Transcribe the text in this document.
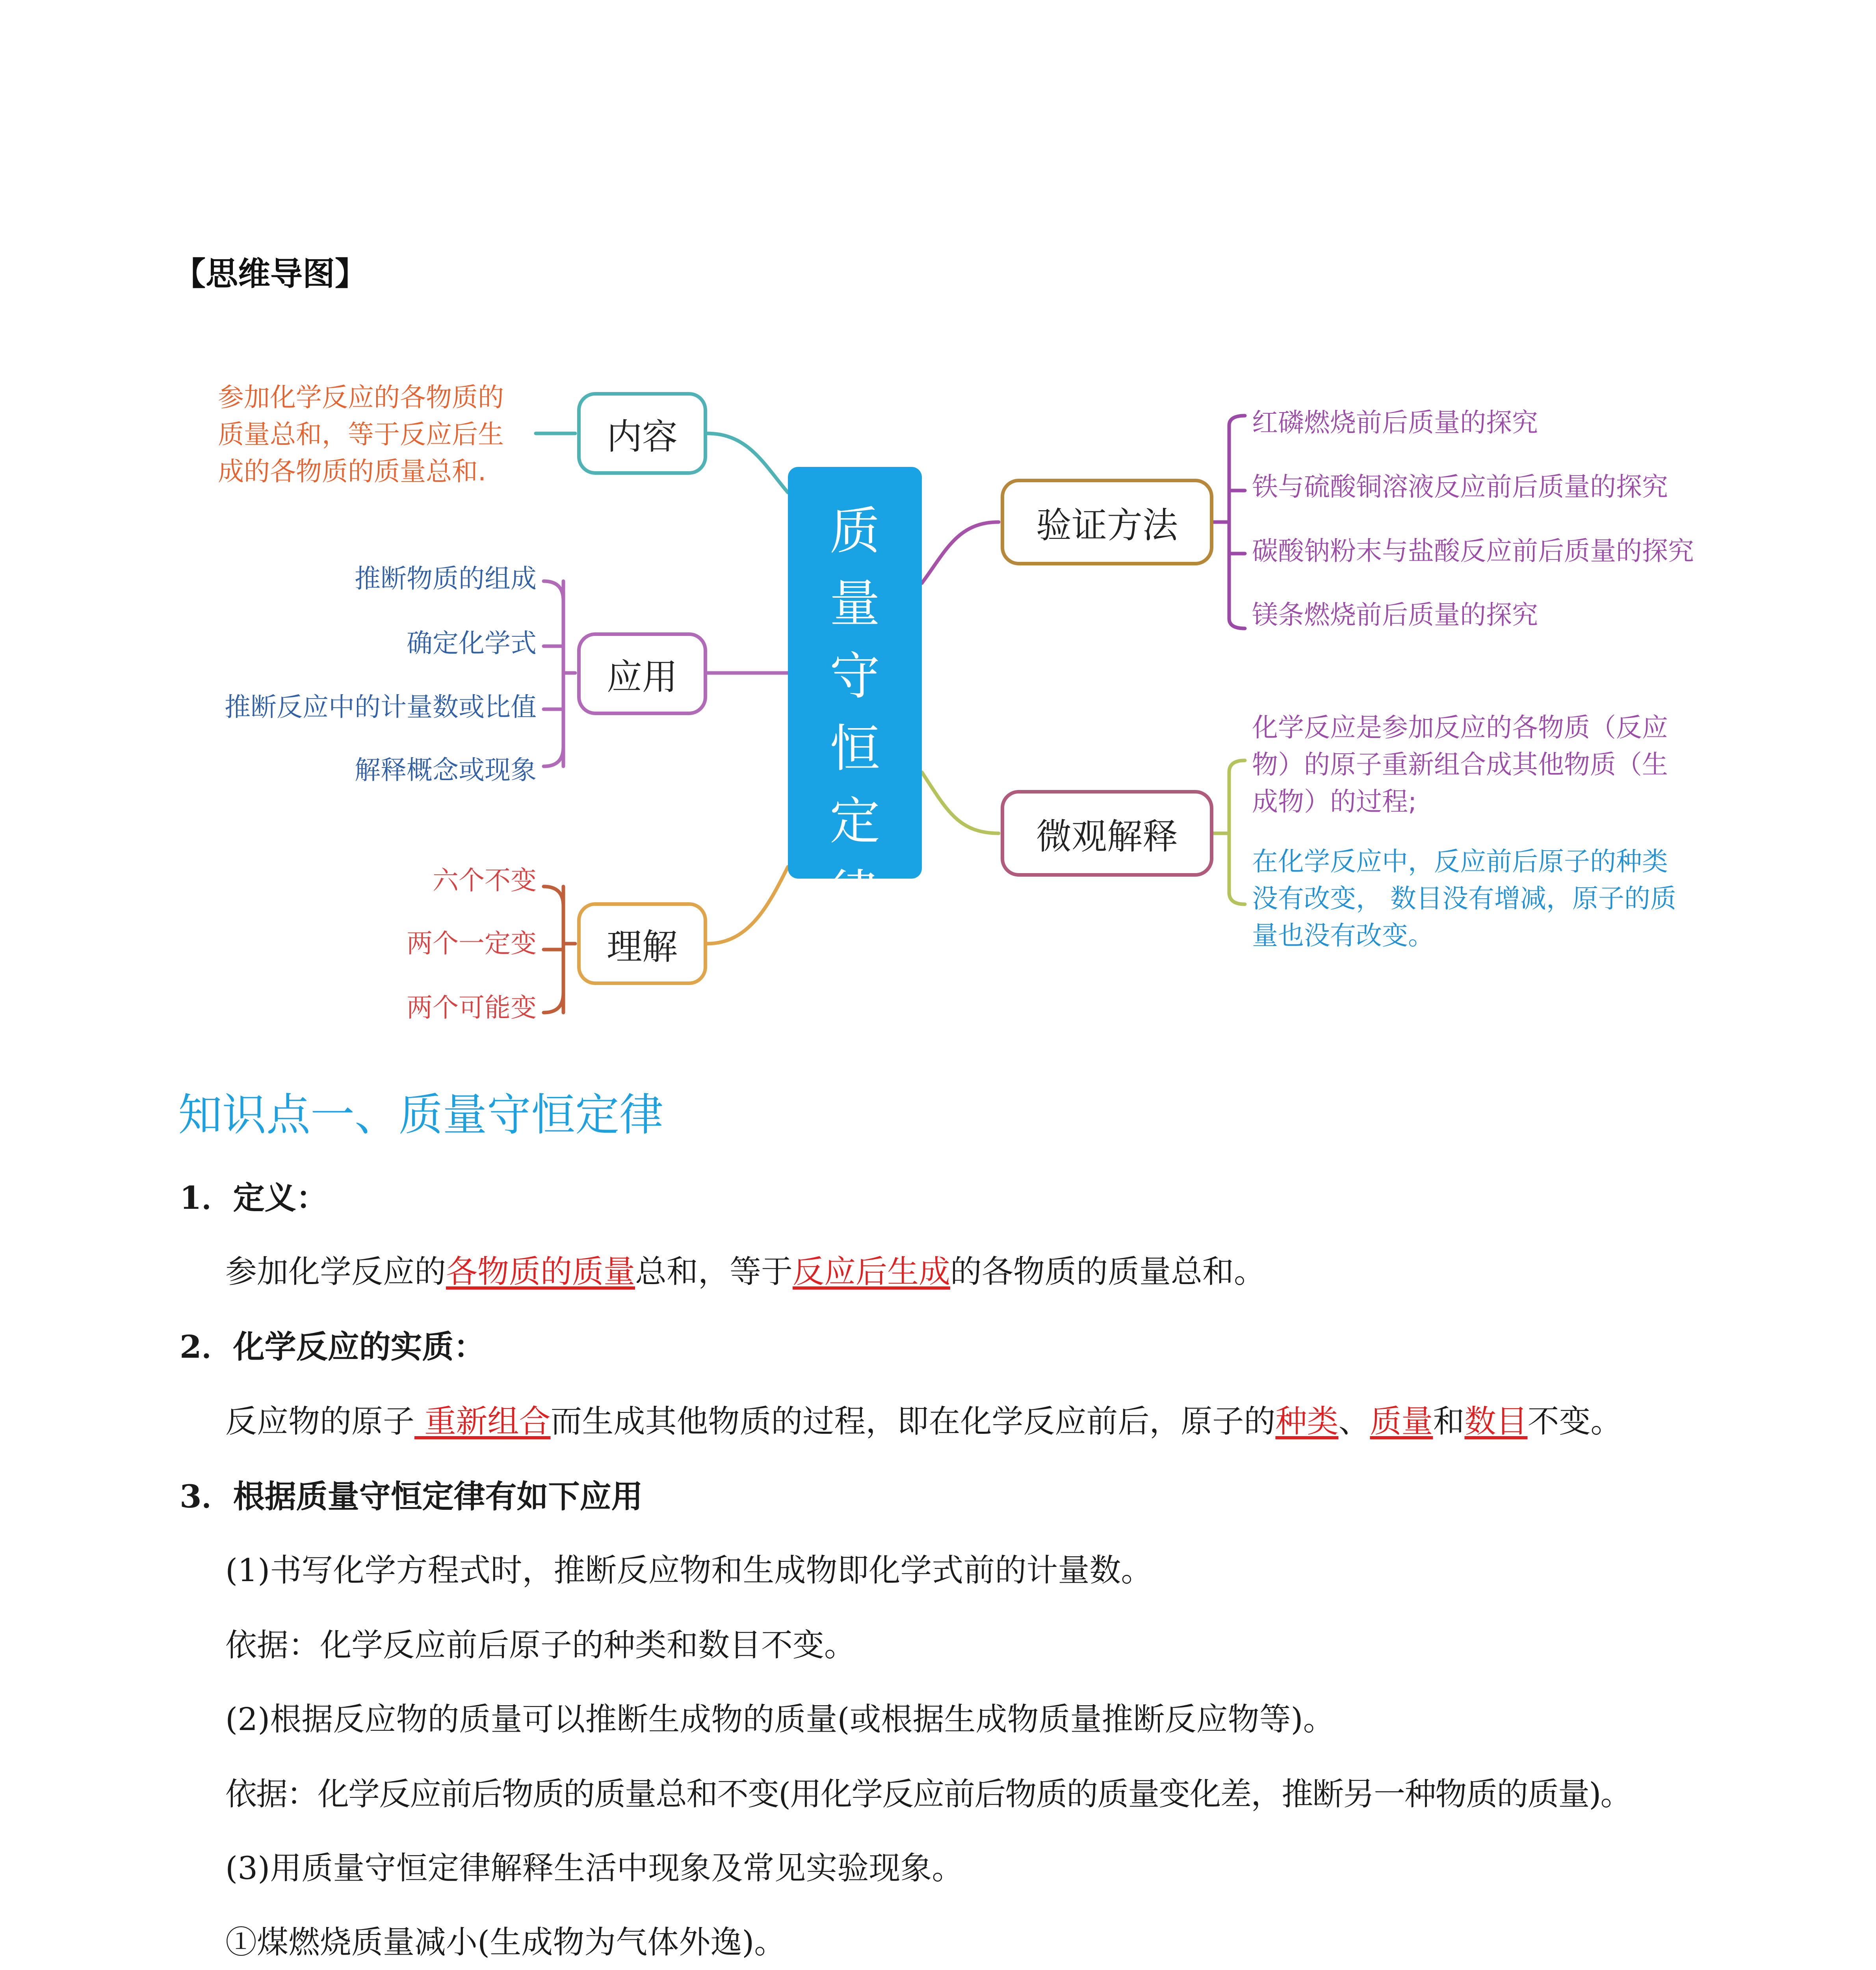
【思维导图】
质
量
守
恒
定
律
内容
应用
理解
验证方法
微观解释
参加化学反应的各物质的
质量总和，等于反应后生
成的各物质的质量总和.
推断物质的组成
确定化学式
推断反应中的计量数或比值
解释概念或现象
六个不变
两个一定变
两个可能变
红磷燃烧前后质量的探究
铁与硫酸铜溶液反应前后质量的探究
碳酸钠粉末与盐酸反应前后质量的探究
镁条燃烧前后质量的探究
化学反应是参加反应的各物质（反应
物）的原子重新组合成其他物质（生
成物）的过程;
在化学反应中，反应前后原子的种类
没有改变， 数目没有增减，原子的质
量也没有改变。
知识点一、质量守恒定律
1．定义：
参加化学反应的各物质的质量总和，等于反应后生成的各物质的质量总和。
2．化学反应的实质：
反应物的原子 重新组合而生成其他物质的过程，即在化学反应前后，原子的种类、质量和数目不变。
3．根据质量守恒定律有如下应用
(1)书写化学方程式时，推断反应物和生成物即化学式前的计量数。
依据：化学反应前后原子的种类和数目不变。
(2)根据反应物的质量可以推断生成物的质量(或根据生成物质量推断反应物等)。
依据：化学反应前后物质的质量总和不变(用化学反应前后物质的质量变化差，推断另一种物质的质量)。
(3)用质量守恒定律解释生活中现象及常见实验现象。
①煤燃烧质量减小(生成物为气体外逸)。
